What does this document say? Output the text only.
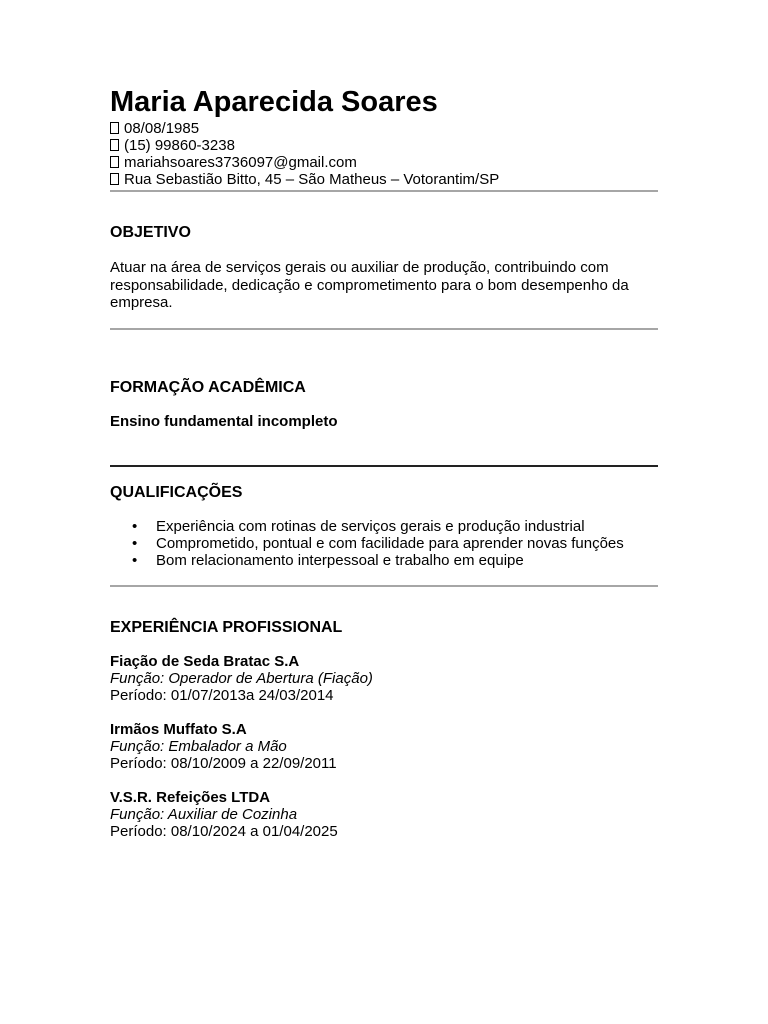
Maria Aparecida Soares
08/08/1985
(15) 99860-3238
mariahsoares3736097@gmail.com
Rua Sebastião Bitto, 45 – São Matheus – Votorantim/SP
OBJETIVO
Atuar na área de serviços gerais ou auxiliar de produção, contribuindo com responsabilidade, dedicação e comprometimento para o bom desempenho da empresa.
FORMAÇÃO ACADÊMICA
Ensino fundamental incompleto
QUALIFICAÇÕES
• Experiência com rotinas de serviços gerais e produção industrial
• Comprometido, pontual e com facilidade para aprender novas funções
• Bom relacionamento interpessoal e trabalho em equipe
EXPERIÊNCIA PROFISSIONAL
Fiação de Seda Bratac S.A
Função: Operador de Abertura (Fiação)
Período: 01/07/2013a 24/03/2014
Irmãos Muffato S.A
Função: Embalador a Mão
Período: 08/10/2009 a 22/09/2011
V.S.R. Refeições LTDA
Função: Auxiliar de Cozinha
Período: 08/10/2024 a 01/04/2025
